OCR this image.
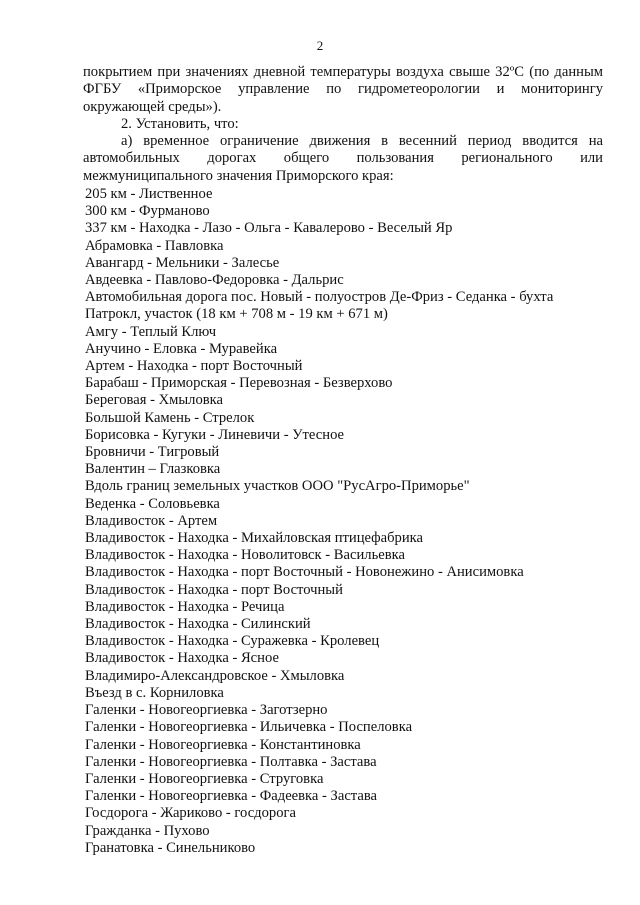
2

покрытием при значениях дневной температуры воздуха свыше 32ºС (по данным ФГБУ «Приморское управление по гидрометеорологии и мониторингу окружающей среды»).

2. Установить, что:

а) временное ограничение движения в весенний период вводится на автомобильных дорогах общего пользования регионального или межмуниципального значения Приморского края:

205 км - Лиственное
300 км - Фурманово
337 км - Находка - Лазо - Ольга - Кавалерово - Веселый Яр
Абрамовка - Павловка
Авангард - Мельники - Залесье
Авдеевка - Павлово-Федоровка - Дальрис
Автомобильная дорога пос. Новый - полуостров Де-Фриз - Седанка - бухта Патрокл, участок (18 км + 708 м - 19 км + 671 м)
Амгу - Теплый Ключ
Анучино - Еловка - Муравейка
Артем - Находка - порт Восточный
Барабаш - Приморская - Перевозная - Безверхово
Береговая - Хмыловка
Большой Камень - Стрелок
Борисовка - Кугуки - Линевичи - Утесное
Бровничи - Тигровый
Валентин – Глазковка
Вдоль границ земельных участков ООО "РусАгро-Приморье"
Веденка - Соловьевка
Владивосток - Артем
Владивосток - Находка - Михайловская птицефабрика
Владивосток - Находка - Новолитовск - Васильевка
Владивосток - Находка - порт Восточный - Новонежино - Анисимовка
Владивосток - Находка - порт Восточный
Владивосток - Находка - Речица
Владивосток - Находка - Силинский
Владивосток - Находка - Суражевка - Кролевец
Владивосток - Находка - Ясное
Владимиро-Александровское - Хмыловка
Въезд в с. Корниловка
Галенки - Новогеоргиевка - Заготзерно
Галенки - Новогеоргиевка - Ильичевка - Поспеловка
Галенки - Новогеоргиевка - Константиновка
Галенки - Новогеоргиевка - Полтавка - Застава
Галенки - Новогеоргиевка - Струговка
Галенки - Новогеоргиевка - Фадеевка - Застава
Госдорога - Жариково - госдорога
Гражданка - Пухово
Гранатовка - Синельниково
